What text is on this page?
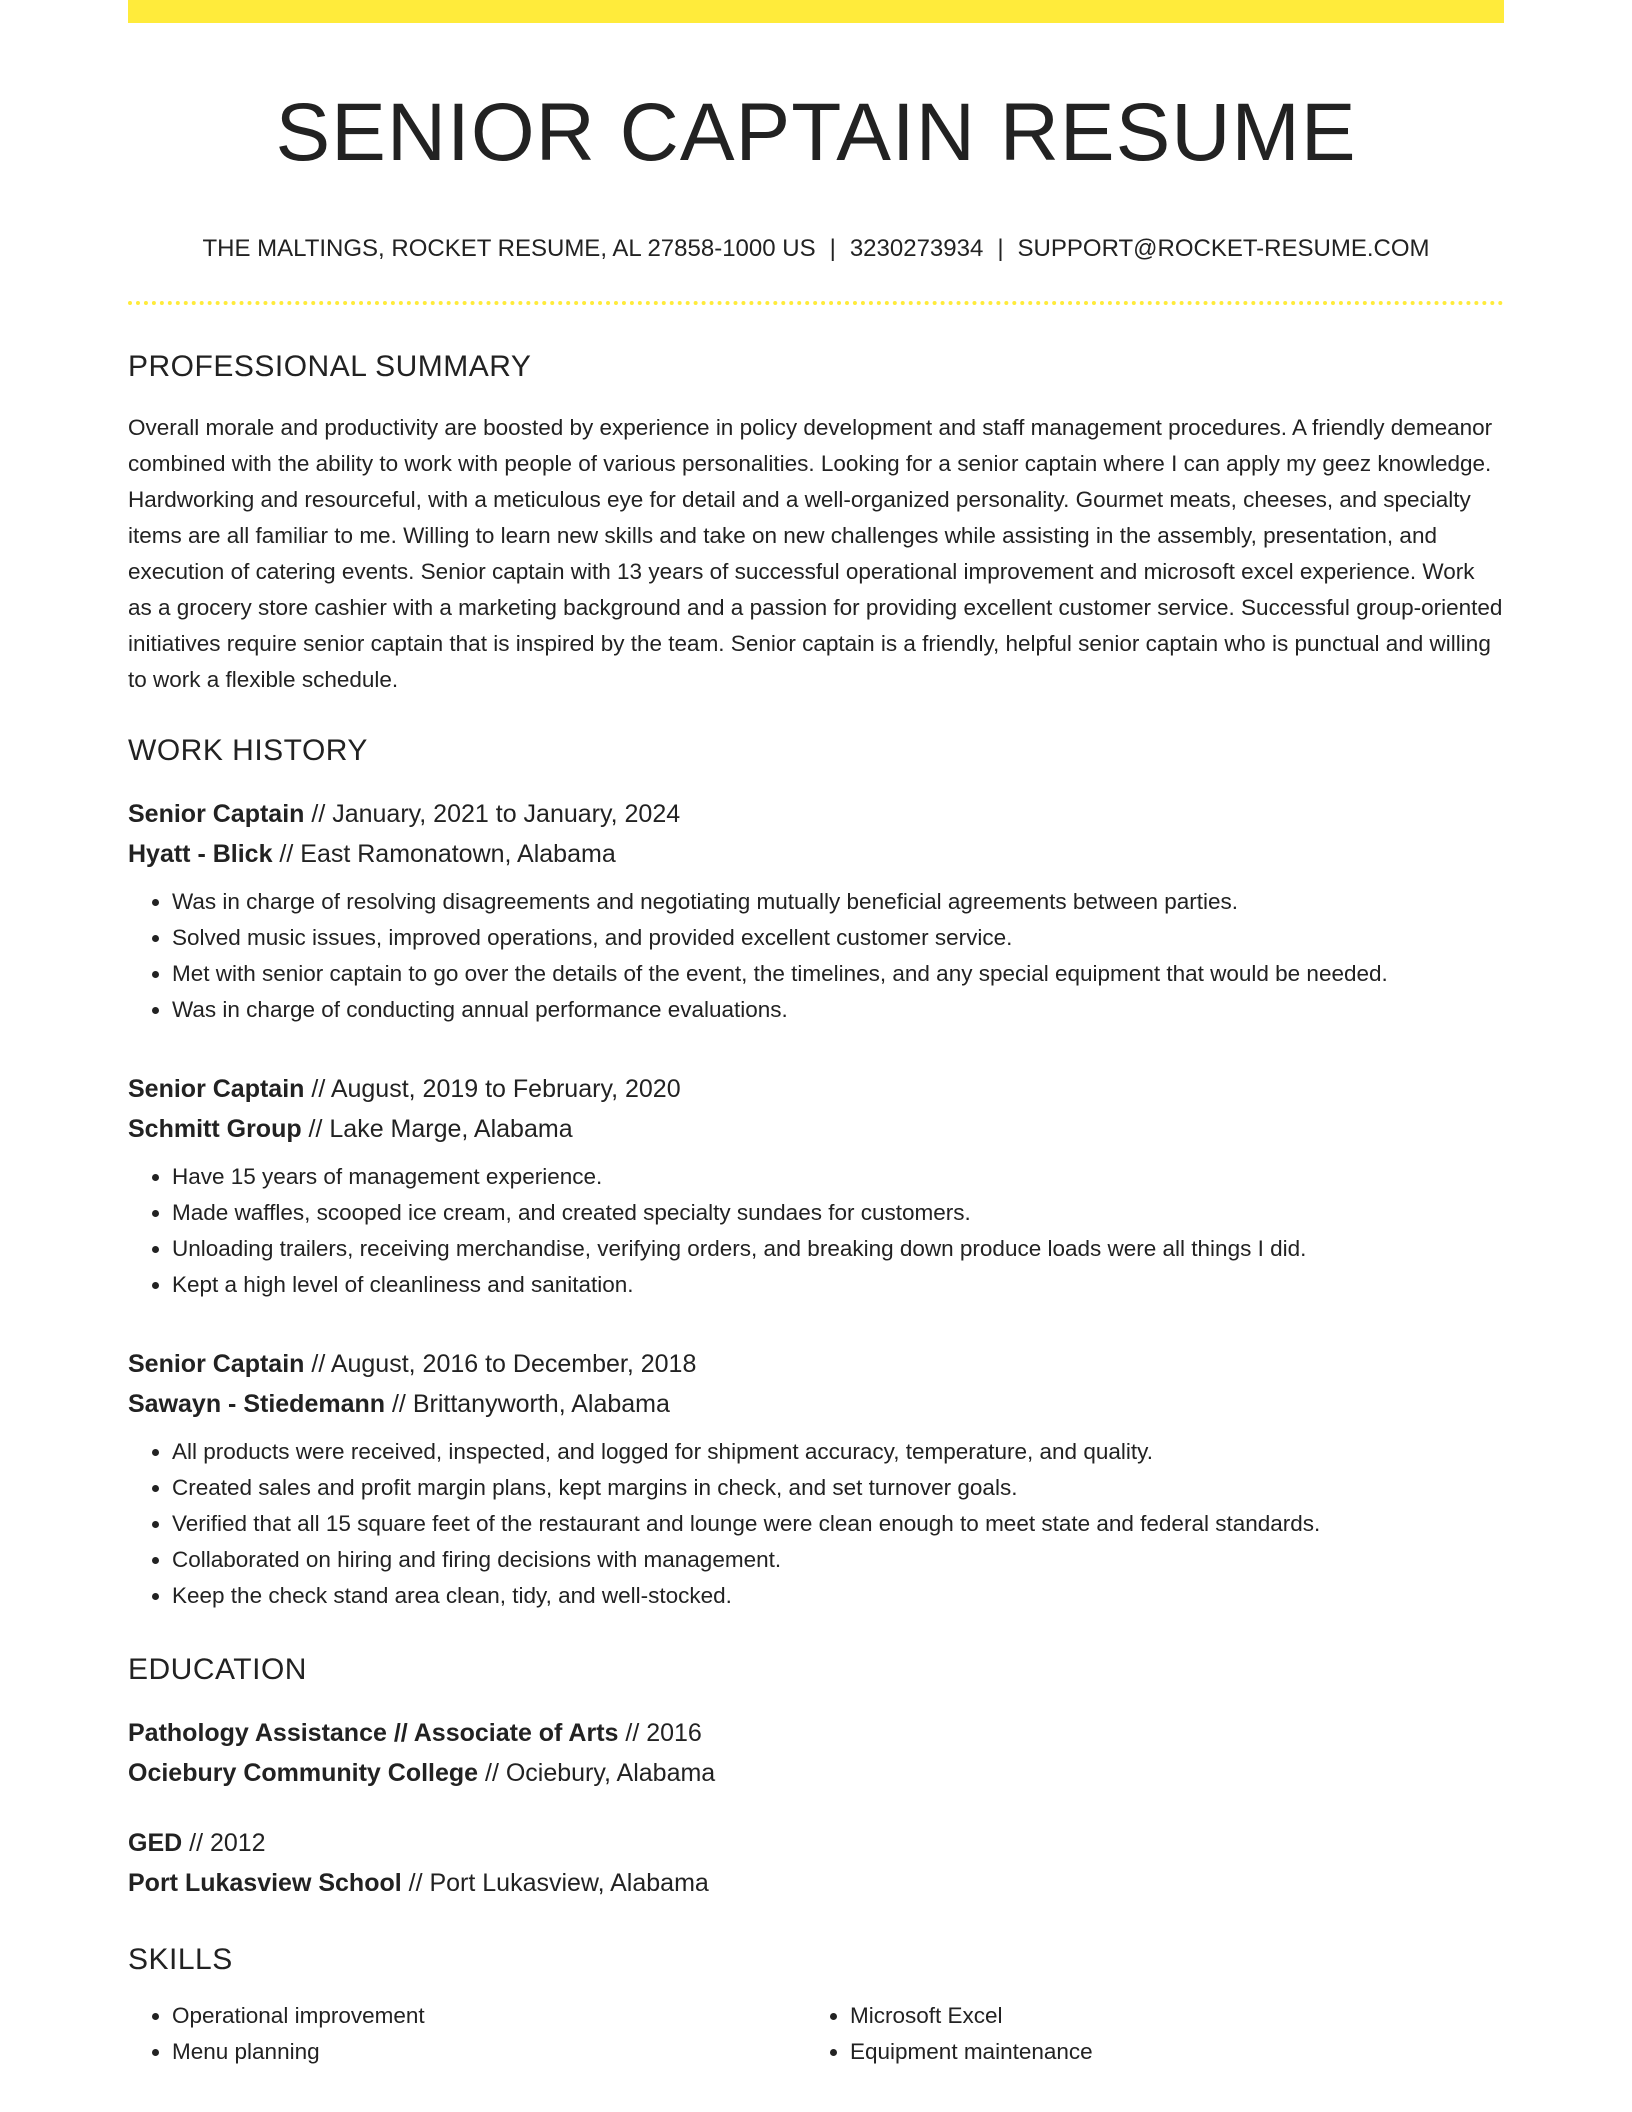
SENIOR CAPTAIN RESUME
THE MALTINGS, ROCKET RESUME, AL 27858-1000 US | 3230273934 | SUPPORT@ROCKET-RESUME.COM
PROFESSIONAL SUMMARY
Overall morale and productivity are boosted by experience in policy development and staff management procedures. A friendly demeanor combined with the ability to work with people of various personalities. Looking for a senior captain where I can apply my geez knowledge. Hardworking and resourceful, with a meticulous eye for detail and a well-organized personality. Gourmet meats, cheeses, and specialty items are all familiar to me. Willing to learn new skills and take on new challenges while assisting in the assembly, presentation, and execution of catering events. Senior captain with 13 years of successful operational improvement and microsoft excel experience. Work as a grocery store cashier with a marketing background and a passion for providing excellent customer service. Successful group-oriented initiatives require senior captain that is inspired by the team. Senior captain is a friendly, helpful senior captain who is punctual and willing to work a flexible schedule.
WORK HISTORY
Senior Captain // January, 2021 to January, 2024
Hyatt - Blick // East Ramonatown, Alabama
• Was in charge of resolving disagreements and negotiating mutually beneficial agreements between parties.
• Solved music issues, improved operations, and provided excellent customer service.
• Met with senior captain to go over the details of the event, the timelines, and any special equipment that would be needed.
• Was in charge of conducting annual performance evaluations.
Senior Captain // August, 2019 to February, 2020
Schmitt Group // Lake Marge, Alabama
• Have 15 years of management experience.
• Made waffles, scooped ice cream, and created specialty sundaes for customers.
• Unloading trailers, receiving merchandise, verifying orders, and breaking down produce loads were all things I did.
• Kept a high level of cleanliness and sanitation.
Senior Captain // August, 2016 to December, 2018
Sawayn - Stiedemann // Brittanyworth, Alabama
• All products were received, inspected, and logged for shipment accuracy, temperature, and quality.
• Created sales and profit margin plans, kept margins in check, and set turnover goals.
• Verified that all 15 square feet of the restaurant and lounge were clean enough to meet state and federal standards.
• Collaborated on hiring and firing decisions with management.
• Keep the check stand area clean, tidy, and well-stocked.
EDUCATION
Pathology Assistance // Associate of Arts // 2016
Ociebury Community College // Ociebury, Alabama
GED // 2012
Port Lukasview School // Port Lukasview, Alabama
SKILLS
• Operational improvement
• Menu planning
• Microsoft Excel
• Equipment maintenance
